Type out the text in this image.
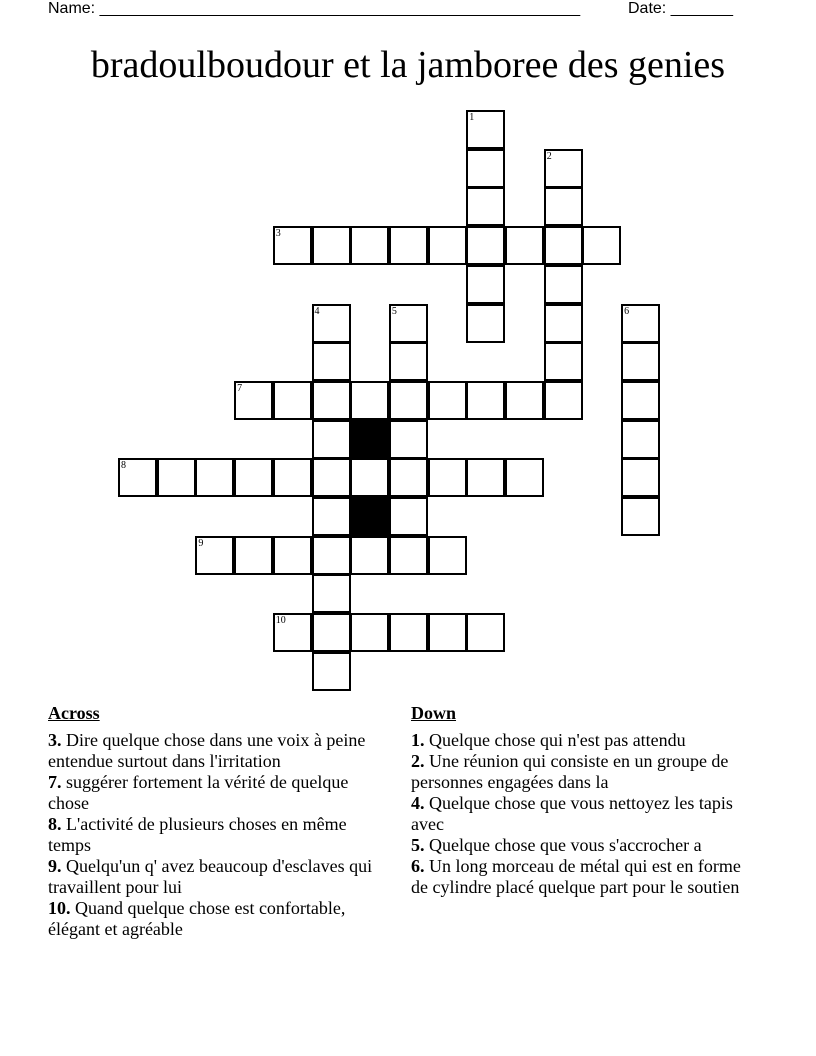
Name: ______________________________________________________	Date: _______
bradoulboudour et la jamboree des genies
1
2
3
4	5	6
7
8
9
10
Across
3. Dire quelque chose dans une voix à peine entendue surtout dans l'irritation
7. suggérer fortement la vérité de quelque chose
8. L'activité de plusieurs choses en même temps
9. Quelqu'un q' avez beaucoup d'esclaves qui travaillent pour lui
10. Quand quelque chose est confortable, élégant et agréable
Down
1. Quelque chose qui n'est pas attendu
2. Une réunion qui consiste en un groupe de personnes engagées dans la
4. Quelque chose que vous nettoyez les tapis avec
5. Quelque chose que vous s'accrocher a
6. Un long morceau de métal qui est en forme de cylindre placé quelque part pour le soutien
